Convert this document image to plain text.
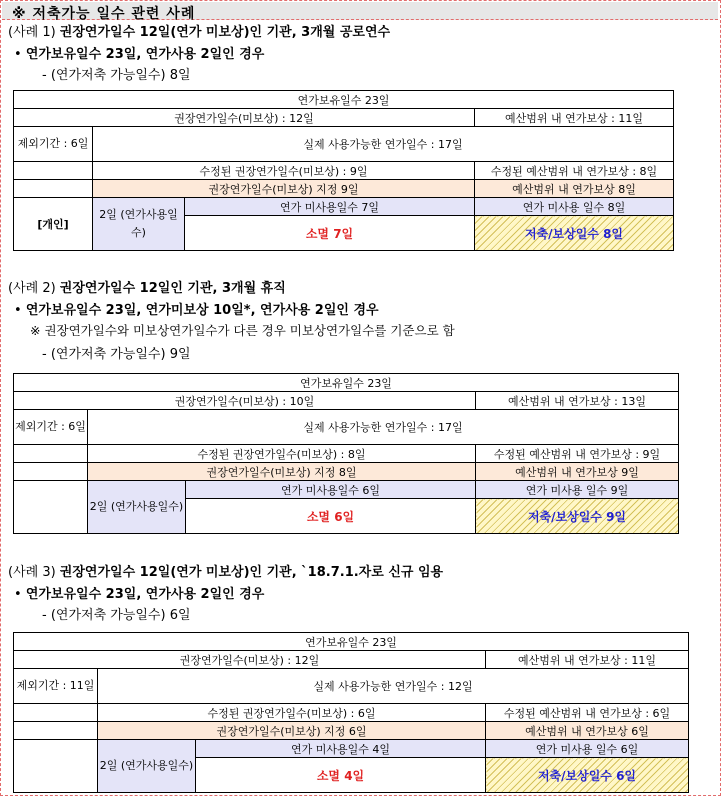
※ 저축가능 일수 관련 사례
(사례 1) 권장연가일수 12일(연가 미보상)인 기관, 3개월 공로연수
• 연가보유일수 23일, 연가사용 2일인 경우
- (연가저축 가능일수) 8일
연가보유일수 23일			
권장연가일수(미보상) : 12일			예산범위 내 연가보상 : 11일
제외기간 : 6일	실제 사용가능한 연가일수 : 17일		
	수정된 권장연가일수(미보상) : 9일		수정된 예산범위 내 연가보상 : 8일
	권장연가일수(미보상) 지정 9일		예산범위 내 연가보상 8일
[개인]	2일 (연가사용일수)	연가 미사용일수 7일	연가 미사용 일수 8일
		소멸 7일	저축/보상일수 8일
(사례 2) 권장연가일수 12일인 기관, 3개월 휴직
• 연가보유일수 23일, 연가미보상 10일*, 연가사용 2일인 경우
※ 권장연가일수와 미보상연가일수가 다른 경우 미보상연가일수를 기준으로 함
- (연가저축 가능일수) 9일
연가보유일수 23일			
권장연가일수(미보상) : 10일			예산범위 내 연가보상 : 13일
제외기간 : 6일	실제 사용가능한 연가일수 : 17일		
	수정된 권장연가일수(미보상) : 8일		수정된 예산범위 내 연가보상 : 9일
	권장연가일수(미보상) 지정 8일		예산범위 내 연가보상 9일
	2일 (연가사용일수)	연가 미사용일수 6일	연가 미사용 일수 9일
		소멸 6일	저축/보상일수 9일
(사례 3) 권장연가일수 12일(연가 미보상)인 기관, `18.7.1.자로 신규 임용
• 연가보유일수 23일, 연가사용 2일인 경우
- (연가저축 가능일수) 6일
연가보유일수 23일			
권장연가일수(미보상) : 12일			예산범위 내 연가보상 : 11일
제외기간 : 11일	실제 사용가능한 연가일수 : 12일		
	수정된 권장연가일수(미보상) : 6일		수정된 예산범위 내 연가보상 : 6일
	권장연가일수(미보상) 지정 6일		예산범위 내 연가보상 6일
	2일 (연가사용일수)	연가 미사용일수 4일	연가 미사용 일수 6일
		소멸 4일	저축/보상일수 6일
